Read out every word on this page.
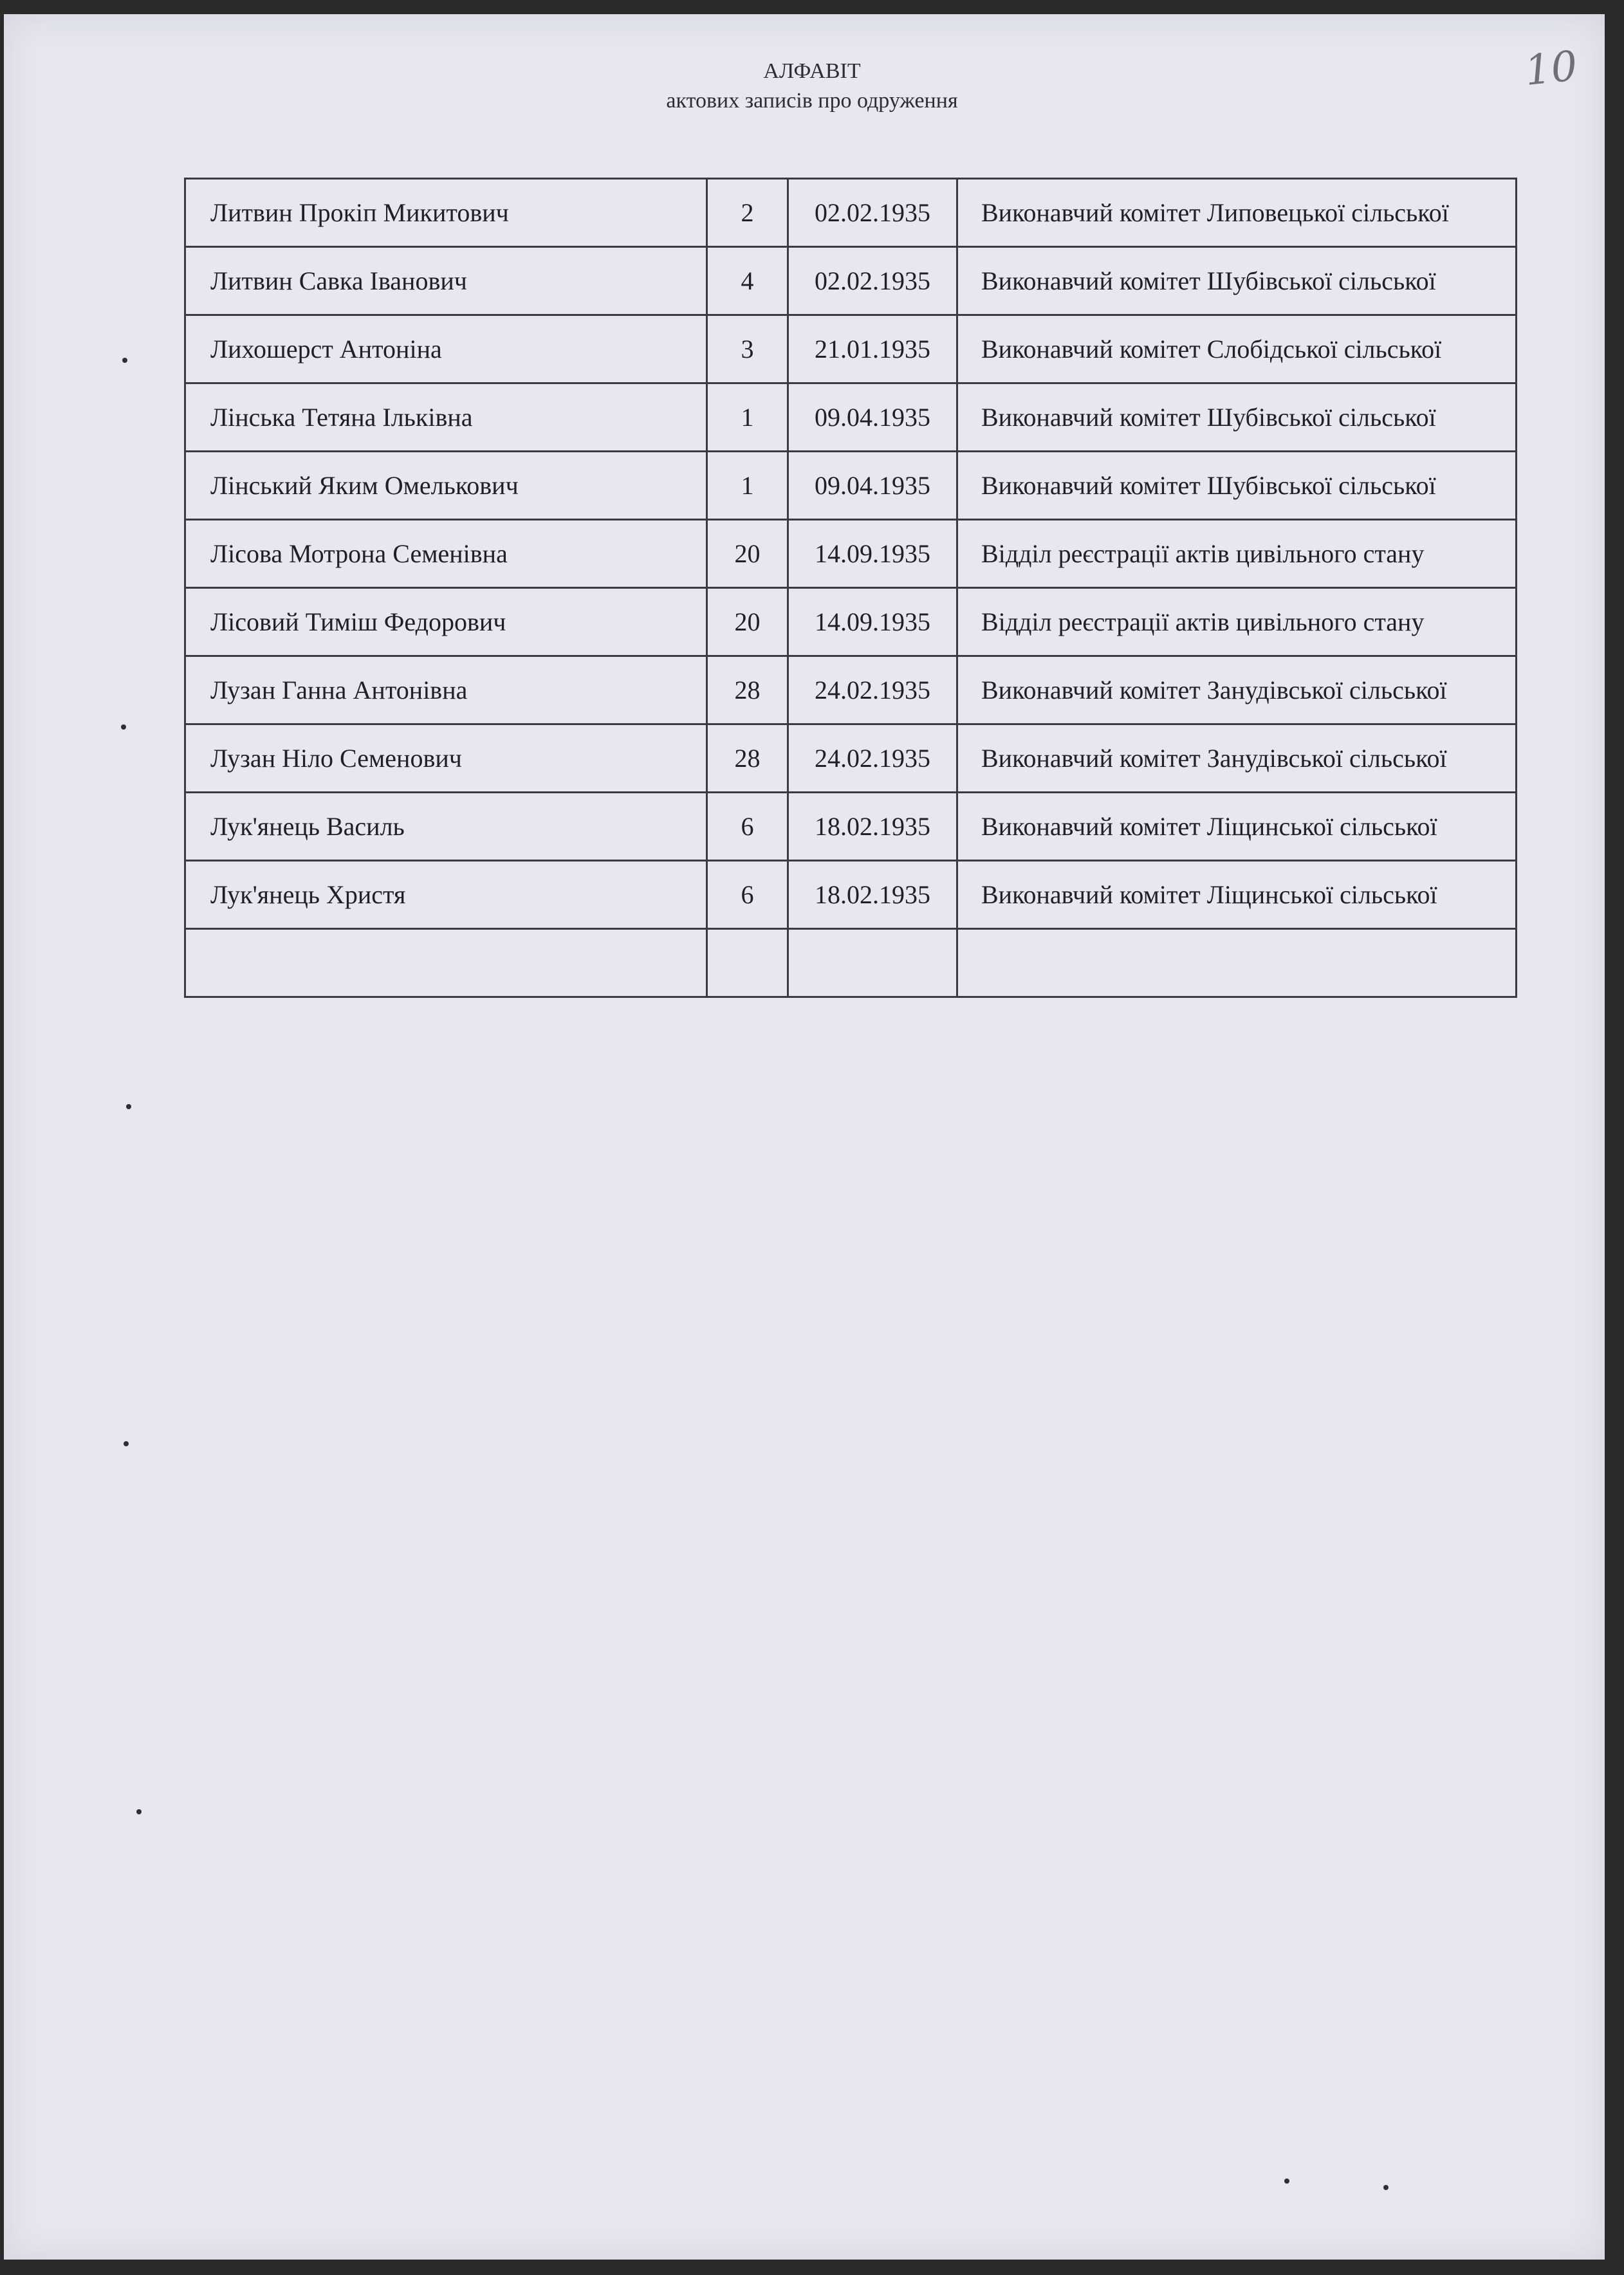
АЛФАВІТ
актових записів про одруження
10
Литвин Прокіп Микитович	2	02.02.1935	Виконавчий комітет Липовецької сільської
Литвин Савка Іванович	4	02.02.1935	Виконавчий комітет Шубівської сільської
Лихошерст Антоніна	3	21.01.1935	Виконавчий комітет Слобідської сільської
Лінська Тетяна Ільківна	1	09.04.1935	Виконавчий комітет Шубівської сільської
Лінський Яким Омелькович	1	09.04.1935	Виконавчий комітет Шубівської сільської
Лісова Мотрона Семенівна	20	14.09.1935	Відділ реєстрації актів цивільного стану
Лісовий Тиміш Федорович	20	14.09.1935	Відділ реєстрації актів цивільного стану
Лузан Ганна Антонівна	28	24.02.1935	Виконавчий комітет Занудівської сільської
Лузан Ніло Семенович	28	24.02.1935	Виконавчий комітет Занудівської сільської
Лук'янець Василь	6	18.02.1935	Виконавчий комітет Ліщинської сільської
Лук'янець Христя	6	18.02.1935	Виконавчий комітет Ліщинської сільської
